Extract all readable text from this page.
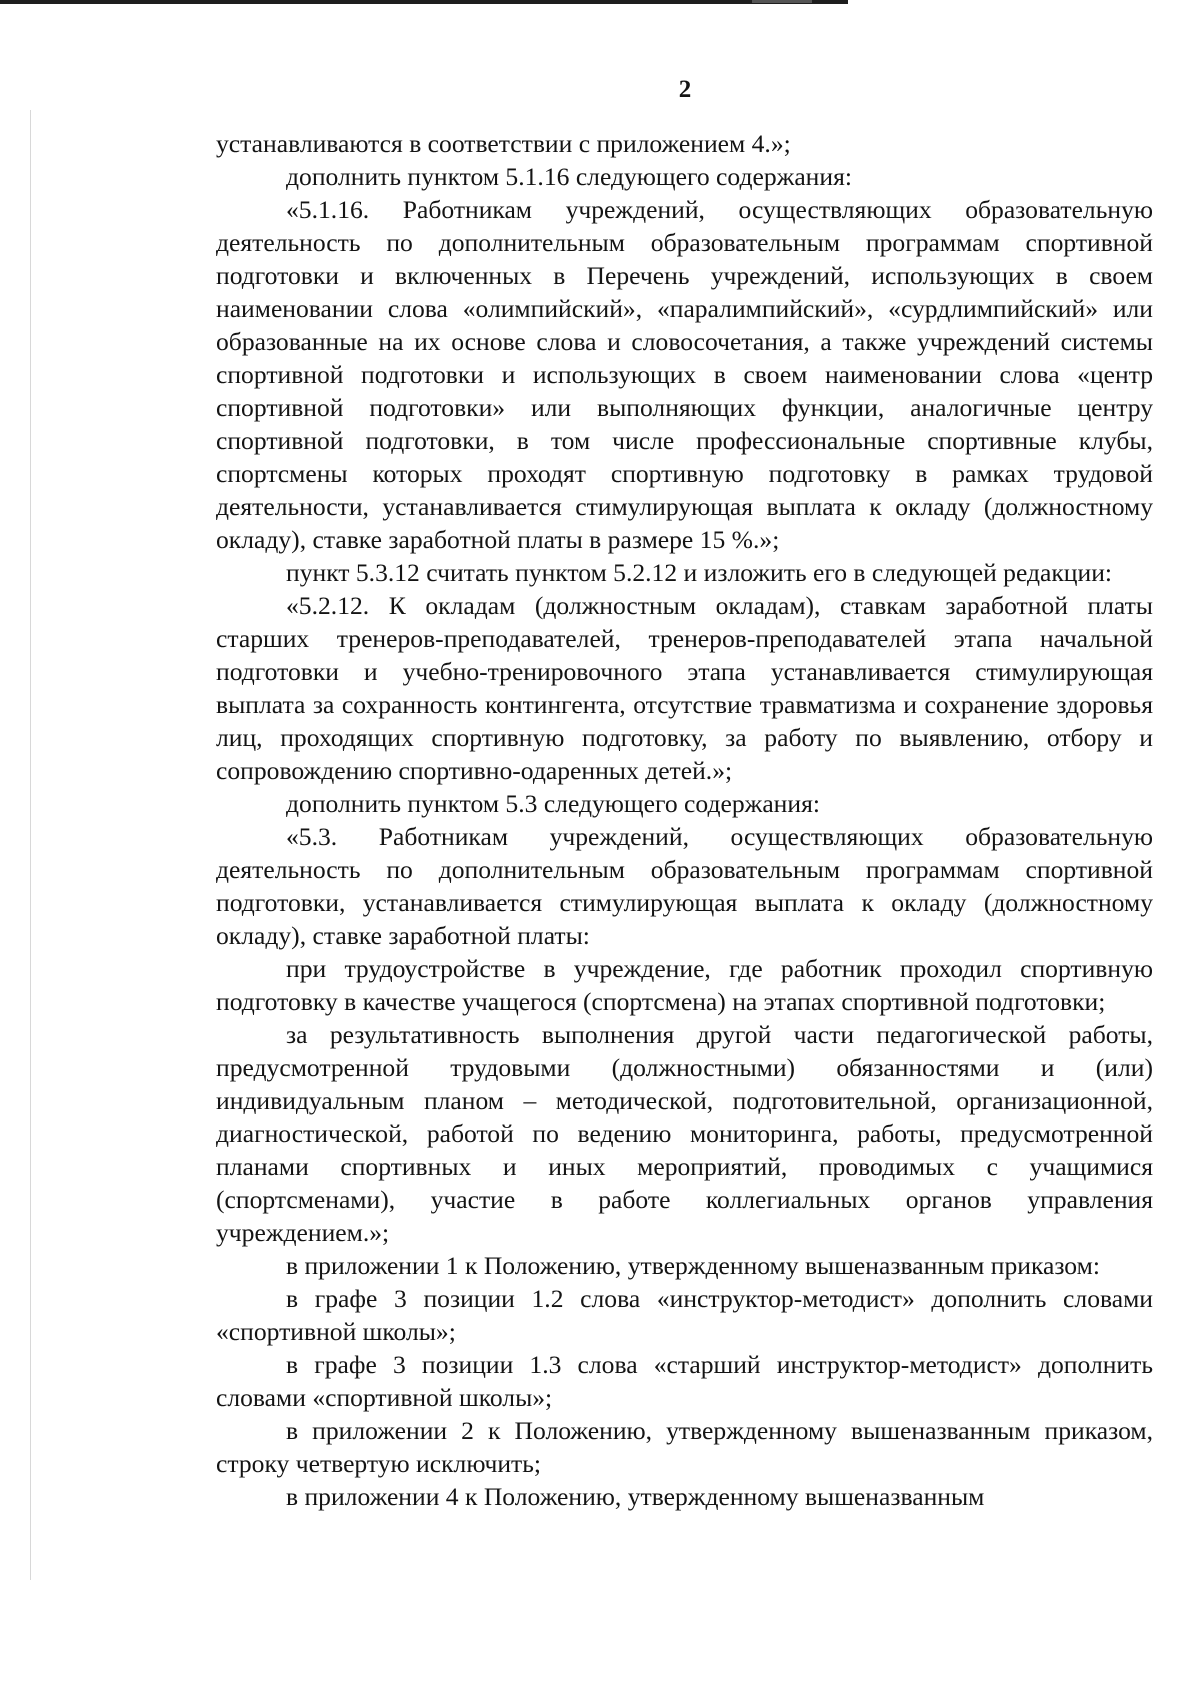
2

устанавливаются в соответствии с приложением 4.»;

дополнить пунктом 5.1.16 следующего содержания:

«5.1.16. Работникам учреждений, осуществляющих образовательную деятельность по дополнительным образовательным программам спортивной подготовки и включенных в Перечень учреждений, использующих в своем наименовании слова «олимпийский», «паралимпийский», «сурдлимпийский» или образованные на их основе слова и словосочетания, а также учреждений системы спортивной подготовки и использующих в своем наименовании слова «центр спортивной подготовки» или выполняющих функции, аналогичные центру спортивной подготовки, в том числе профессиональные спортивные клубы, спортсмены которых проходят спортивную подготовку в рамках трудовой деятельности, устанавливается стимулирующая выплата к окладу (должностному окладу), ставке заработной платы в размере 15 %.»;

пункт 5.3.12 считать пунктом 5.2.12 и изложить его в следующей редакции:

«5.2.12. К окладам (должностным окладам), ставкам заработной платы старших тренеров-преподавателей, тренеров-преподавателей этапа начальной подготовки и учебно-тренировочного этапа устанавливается стимулирующая выплата за сохранность контингента, отсутствие травматизма и сохранение здоровья лиц, проходящих спортивную подготовку, за работу по выявлению, отбору и сопровождению спортивно-одаренных детей.»;

дополнить пунктом 5.3 следующего содержания:

«5.3. Работникам учреждений, осуществляющих образовательную деятельность по дополнительным образовательным программам спортивной подготовки, устанавливается стимулирующая выплата к окладу (должностному окладу), ставке заработной платы:

при трудоустройстве в учреждение, где работник проходил спортивную подготовку в качестве учащегося (спортсмена) на этапах спортивной подготовки;

за результативность выполнения другой части педагогической работы, предусмотренной трудовыми (должностными) обязанностями и (или) индивидуальным планом – методической, подготовительной, организационной, диагностической, работой по ведению мониторинга, работы, предусмотренной планами спортивных и иных мероприятий, проводимых с учащимися (спортсменами), участие в работе коллегиальных органов управления учреждением.»;

в приложении 1 к Положению, утвержденному вышеназванным приказом:

в графе 3 позиции 1.2 слова «инструктор-методист» дополнить словами «спортивной школы»;

в графе 3 позиции 1.3 слова «старший инструктор-методист» дополнить словами «спортивной школы»;

в приложении 2 к Положению, утвержденному вышеназванным приказом, строку четвертую исключить;

в приложении 4 к Положению, утвержденному вышеназванным
